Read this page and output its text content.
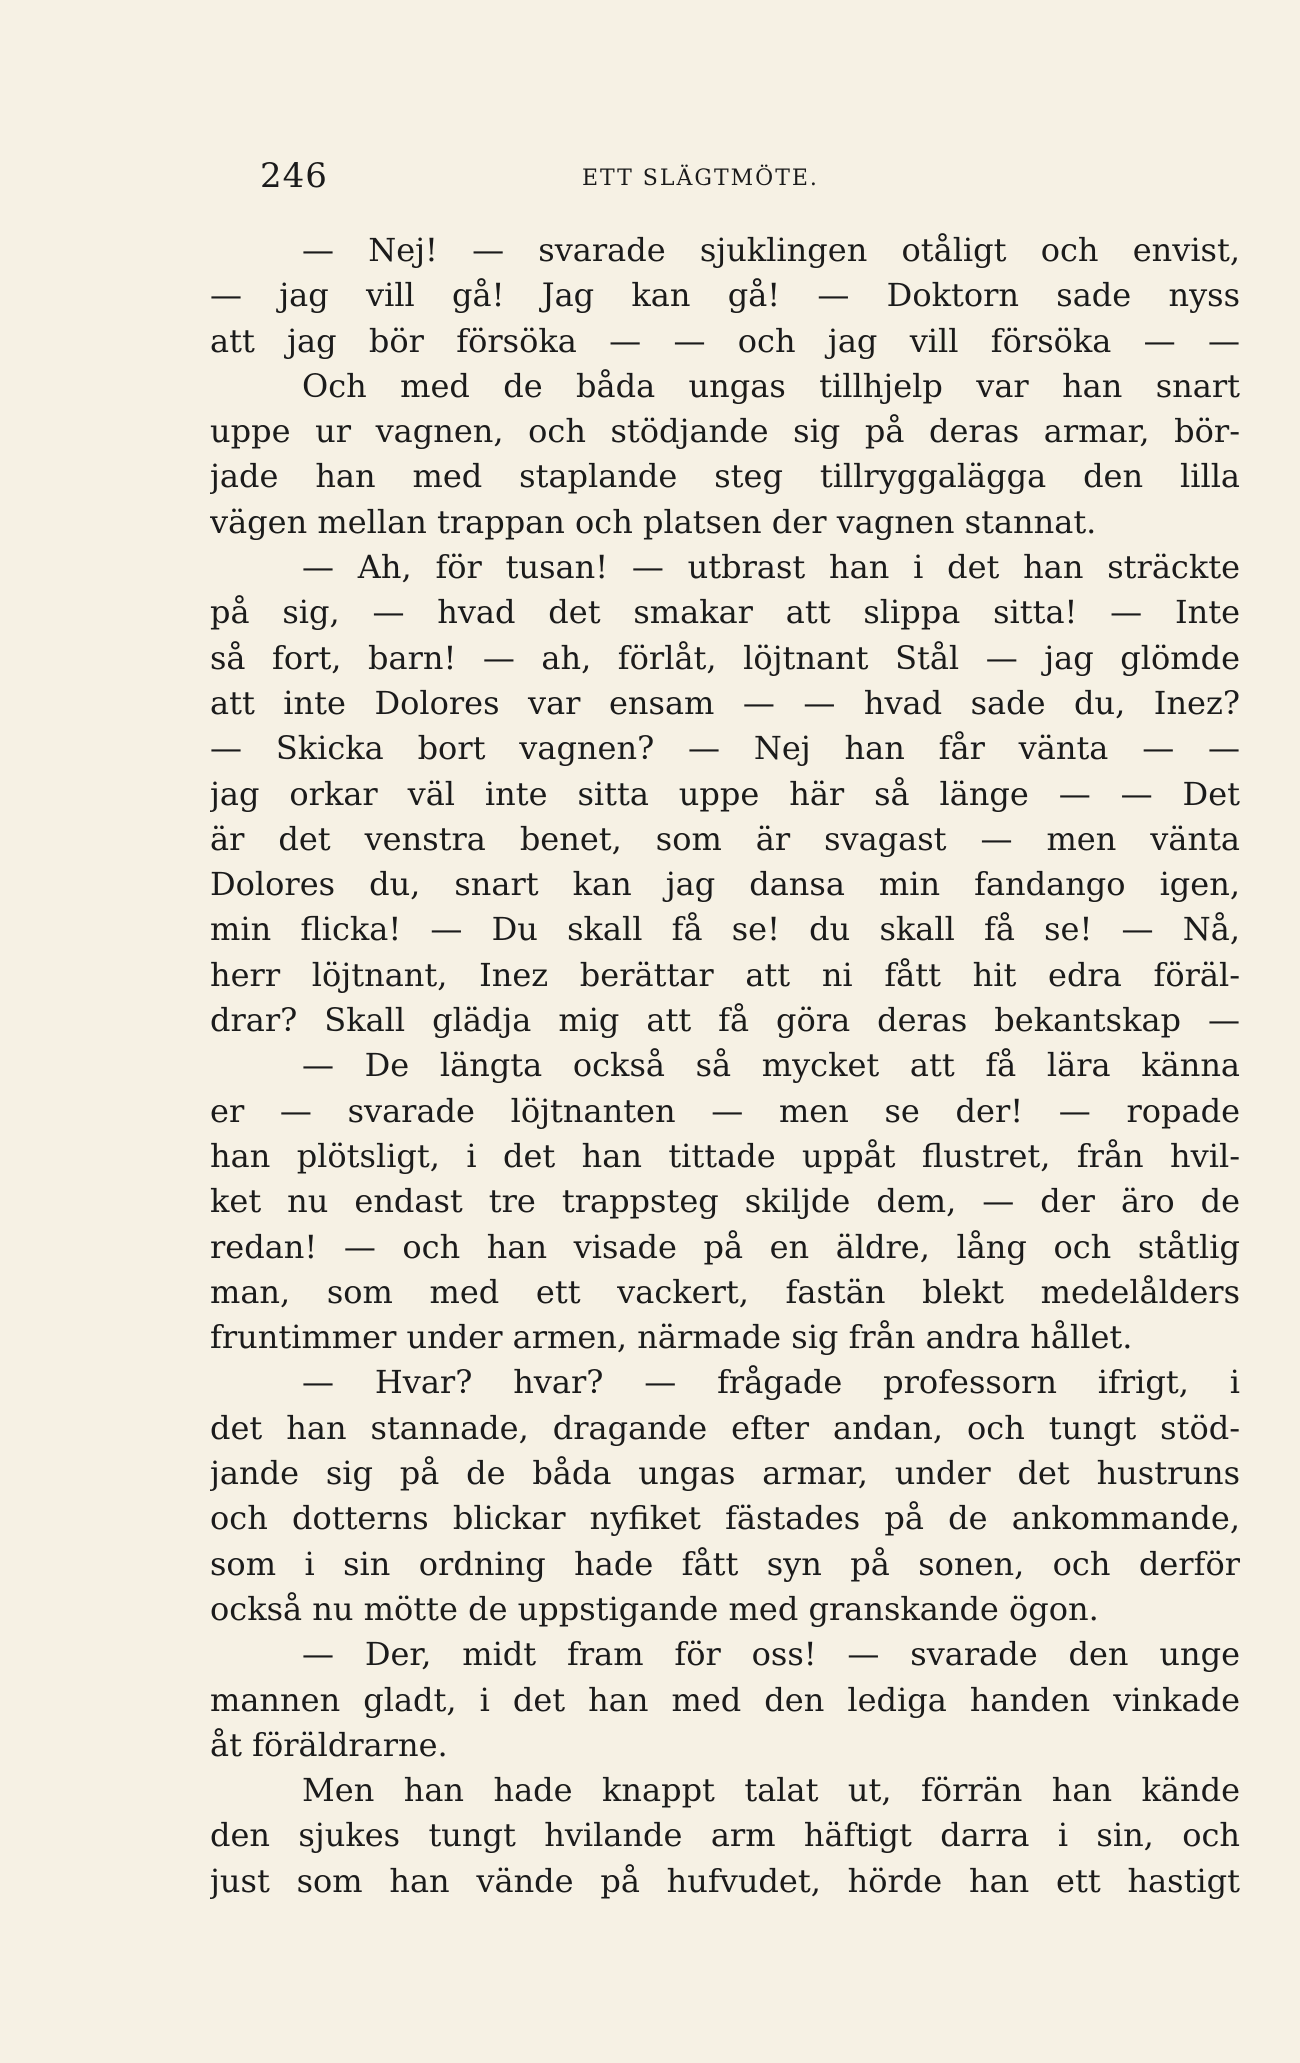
246	ETT SLÄGTMÖTE.
— Nej! — svarade sjuklingen otåligt och envist,
— jag vill gå! Jag kan gå! — Doktorn sade nyss
att jag bör försöka — — och jag vill försöka — —
Och med de båda ungas tillhjelp var han snart
uppe ur vagnen, och stödjande sig på deras armar, bör-
jade han med staplande steg tillryggalägga den lilla
vägen mellan trappan och platsen der vagnen stannat.
— Ah, för tusan! — utbrast han i det han sträckte
på sig, — hvad det smakar att slippa sitta! — Inte
så fort, barn! — ah, förlåt, löjtnant Stål — jag glömde
att inte Dolores var ensam — — hvad sade du, Inez?
— Skicka bort vagnen? — Nej han får vänta — —
jag orkar väl inte sitta uppe här så länge — — Det
är det venstra benet, som är svagast — men vänta
Dolores du, snart kan jag dansa min fandango igen,
min flicka! — Du skall få se! du skall få se! — Nå,
herr löjtnant, Inez berättar att ni fått hit edra föräl-
drar? Skall glädja mig att få göra deras bekantskap —
— De längta också så mycket att få lära känna
er — svarade löjtnanten — men se der! — ropade
han plötsligt, i det han tittade uppåt flustret, från hvil-
ket nu endast tre trappsteg skiljde dem, — der äro de
redan! — och han visade på en äldre, lång och ståtlig
man, som med ett vackert, fastän blekt medelålders
fruntimmer under armen, närmade sig från andra hållet.
— Hvar? hvar? — frågade professorn ifrigt, i
det han stannade, dragande efter andan, och tungt stöd-
jande sig på de båda ungas armar, under det hustruns
och dotterns blickar nyfiket fästades på de ankommande,
som i sin ordning hade fått syn på sonen, och derför
också nu mötte de uppstigande med granskande ögon.
— Der, midt fram för oss! — svarade den unge
mannen gladt, i det han med den lediga handen vinkade
åt föräldrarne.
Men han hade knappt talat ut, förrän han kände
den sjukes tungt hvilande arm häftigt darra i sin, och
just som han vände på hufvudet, hörde han ett hastigt
